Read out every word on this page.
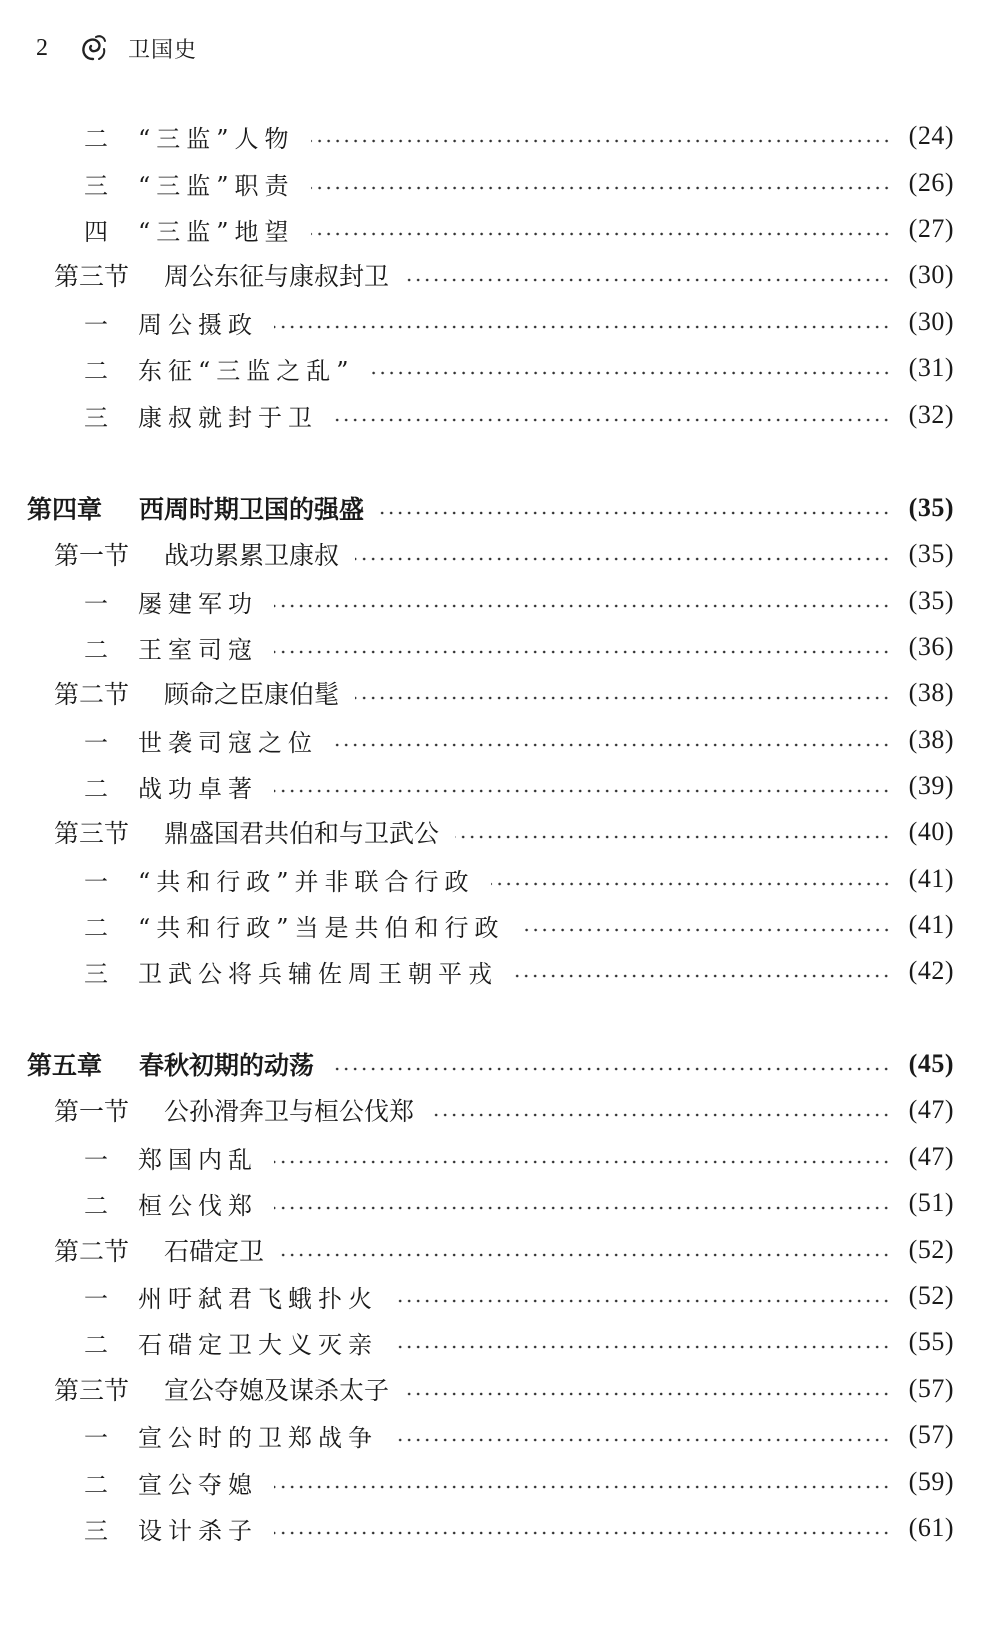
2	卫国史
二	“三监”人物	(24)
三	“三监”职责	(26)
四	“三监”地望	(27)
第三节	周公东征与康叔封卫	(30)
一	周公摄政	(30)
二	东征“三监之乱”	(31)
三	康叔就封于卫	(32)
第四章	西周时期卫国的强盛	(35)
第一节	战功累累卫康叔	(35)
一	屡建军功	(35)
二	王室司寇	(36)
第二节	顾命之臣康伯髦	(38)
一	世袭司寇之位	(38)
二	战功卓著	(39)
第三节	鼎盛国君共伯和与卫武公	(40)
一	“共和行政”并非联合行政	(41)
二	“共和行政”当是共伯和行政	(41)
三	卫武公将兵辅佐周王朝平戎	(42)
第五章	春秋初期的动荡	(45)
第一节	公孙滑奔卫与桓公伐郑	(47)
一	郑国内乱	(47)
二	桓公伐郑	(51)
第二节	石碏定卫	(52)
一	州吁弑君飞蛾扑火	(52)
二	石碏定卫大义灭亲	(55)
第三节	宣公夺媳及谋杀太子	(57)
一	宣公时的卫郑战争	(57)
二	宣公夺媳	(59)
三	设计杀子	(61)
